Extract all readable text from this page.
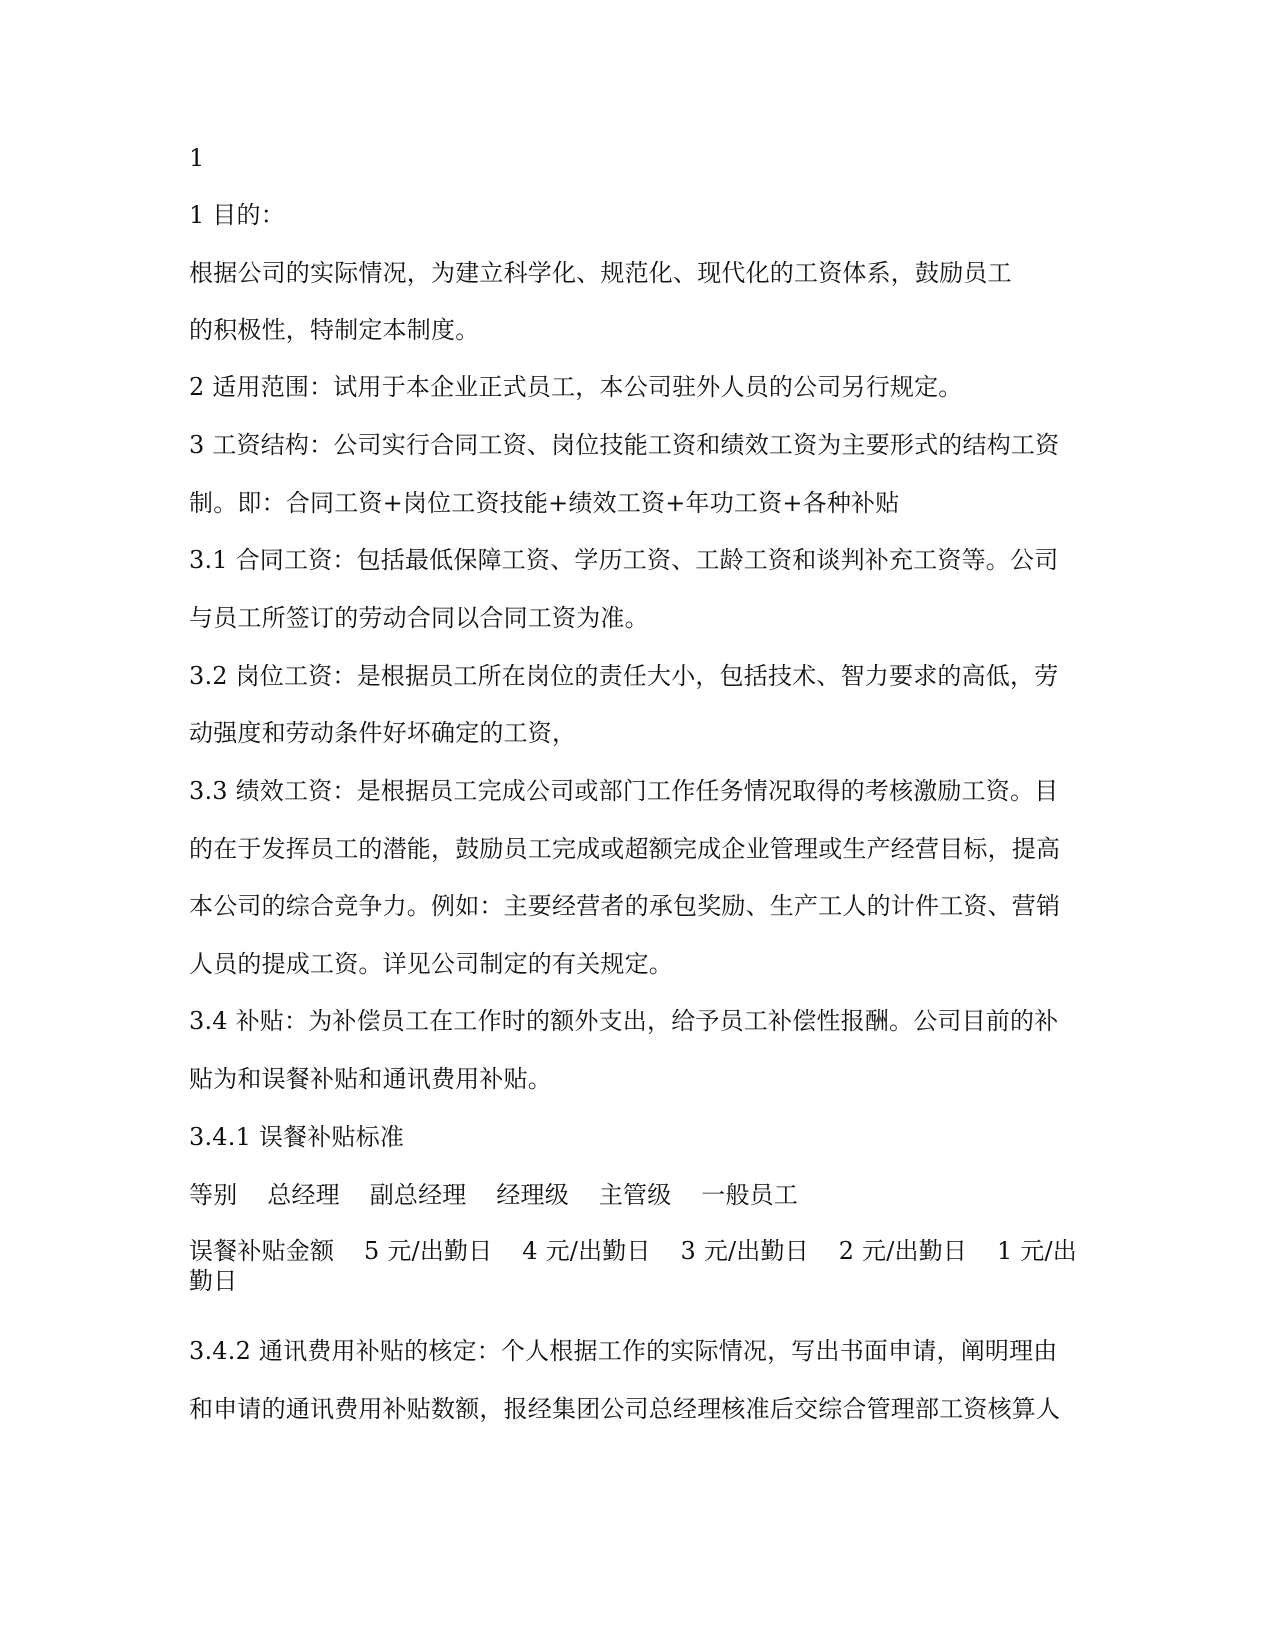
1
1 目的：
根据公司的实际情况，为建立科学化、规范化、现代化的工资体系，鼓励员工
的积极性，特制定本制度。
2 适用范围：试用于本企业正式员工，本公司驻外人员的公司另行规定。
3 工资结构：公司实行合同工资、岗位技能工资和绩效工资为主要形式的结构工资
制。即：合同工资+岗位工资技能+绩效工资+年功工资+各种补贴
3.1 合同工资：包括最低保障工资、学历工资、工龄工资和谈判补充工资等。公司
与员工所签订的劳动合同以合同工资为准。
3.2 岗位工资：是根据员工所在岗位的责任大小，包括技术、智力要求的高低，劳
动强度和劳动条件好坏确定的工资，
3.3 绩效工资：是根据员工完成公司或部门工作任务情况取得的考核激励工资。目
的在于发挥员工的潜能，鼓励员工完成或超额完成企业管理或生产经营目标，提高
本公司的综合竞争力。例如：主要经营者的承包奖励、生产工人的计件工资、营销
人员的提成工资。详见公司制定的有关规定。
3.4 补贴：为补偿员工在工作时的额外支出，给予员工补偿性报酬。公司目前的补
贴为和误餐补贴和通讯费用补贴。
3.4.1 误餐补贴标准
等别 总经理 副总经理 经理级 主管级 一般员工
误餐补贴金额 5 元/出勤日 4 元/出勤日 3 元/出勤日 2 元/出勤日 1 元/出勤日
3.4.2 通讯费用补贴的核定：个人根据工作的实际情况，写出书面申请，阐明理由
和申请的通讯费用补贴数额，报经集团公司总经理核准后交综合管理部工资核算人
